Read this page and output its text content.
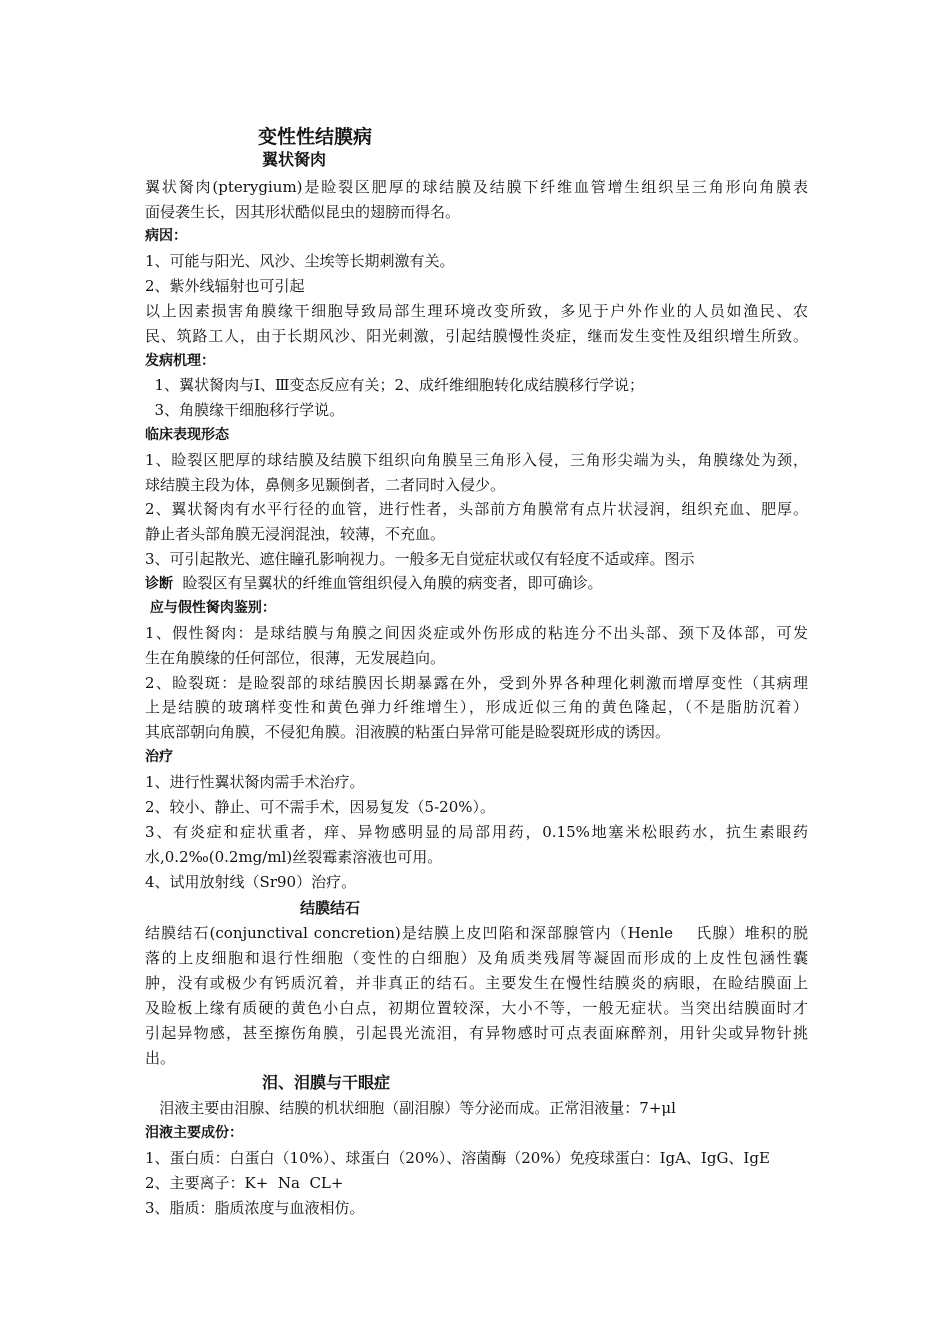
变性性结膜病
翼状胬肉
翼状胬肉(pterygium)是睑裂区肥厚的球结膜及结膜下纤维血管增生组织呈三角形向角膜表
面侵袭生长，因其形状酷似昆虫的翅膀而得名。
病因：
1、可能与阳光、风沙、尘埃等长期刺激有关。
2、紫外线辐射也可引起
以上因素损害角膜缘干细胞导致局部生理环境改变所致，多见于户外作业的人员如渔民、农
民、筑路工人，由于长期风沙、阳光刺激，引起结膜慢性炎症，继而发生变性及组织增生所致。
发病机理：
1、翼状胬肉与Ⅰ、Ⅲ变态反应有关；2、成纤维细胞转化成结膜移行学说；
3、角膜缘干细胞移行学说。
临床表现形态
1、睑裂区肥厚的球结膜及结膜下组织向角膜呈三角形入侵，三角形尖端为头，角膜缘处为颈，
球结膜主段为体，鼻侧多见颞倒者，二者同时入侵少。
2、翼状胬肉有水平行径的血管，进行性者，头部前方角膜常有点片状浸润，组织充血、肥厚。
静止者头部角膜无浸润混浊，较薄，不充血。
3、可引起散光、遮住瞳孔影响视力。一般多无自觉症状或仅有轻度不适或痒。图示
诊断  睑裂区有呈翼状的纤维血管组织侵入角膜的病变者，即可确诊。
应与假性胬肉鉴别：
1、假性胬肉：是球结膜与角膜之间因炎症或外伤形成的粘连分不出头部、颈下及体部，可发
生在角膜缘的任何部位，很薄，无发展趋向。
2、睑裂斑：是睑裂部的球结膜因长期暴露在外，受到外界各种理化刺激而增厚变性（其病理
上是结膜的玻璃样变性和黄色弹力纤维增生），形成近似三角的黄色隆起，（不是脂肪沉着）
其底部朝向角膜，不侵犯角膜。泪液膜的粘蛋白异常可能是睑裂斑形成的诱因。
治疗
1、进行性翼状胬肉需手术治疗。
2、较小、静止、可不需手术，因易复发（5-20%）。
3、有炎症和症状重者，痒、异物感明显的局部用药，0.15%地塞米松眼药水，抗生素眼药
水,0.2‰(0.2mg/ml)丝裂霉素溶液也可用。
4、试用放射线（Sr90）治疗。
结膜结石
结膜结石(conjunctival concretion)是结膜上皮凹陷和深部腺管内（Henle　 氏腺）堆积的脱
落的上皮细胞和退行性细胞（变性的白细胞）及角质类残屑等凝固而形成的上皮性包涵性囊
肿，没有或极少有钙质沉着，并非真正的结石。主要发生在慢性结膜炎的病眼，在睑结膜面上
及睑板上缘有质硬的黄色小白点，初期位置较深，大小不等，一般无症状。当突出结膜面时才
引起异物感，甚至擦伤角膜，引起畏光流泪，有异物感时可点表面麻醉剂，用针尖或异物针挑
出。
泪、泪膜与干眼症
泪液主要由泪腺、结膜的机状细胞（副泪腺）等分泌而成。正常泪液量：7+μl
泪液主要成份：
1、蛋白质：白蛋白（10%）、球蛋白（20%）、溶菌酶（20%）免疫球蛋白：IgA、IgG、IgE
2、主要离子：K+  Na  CL+
3、脂质：脂质浓度与血液相仿。
